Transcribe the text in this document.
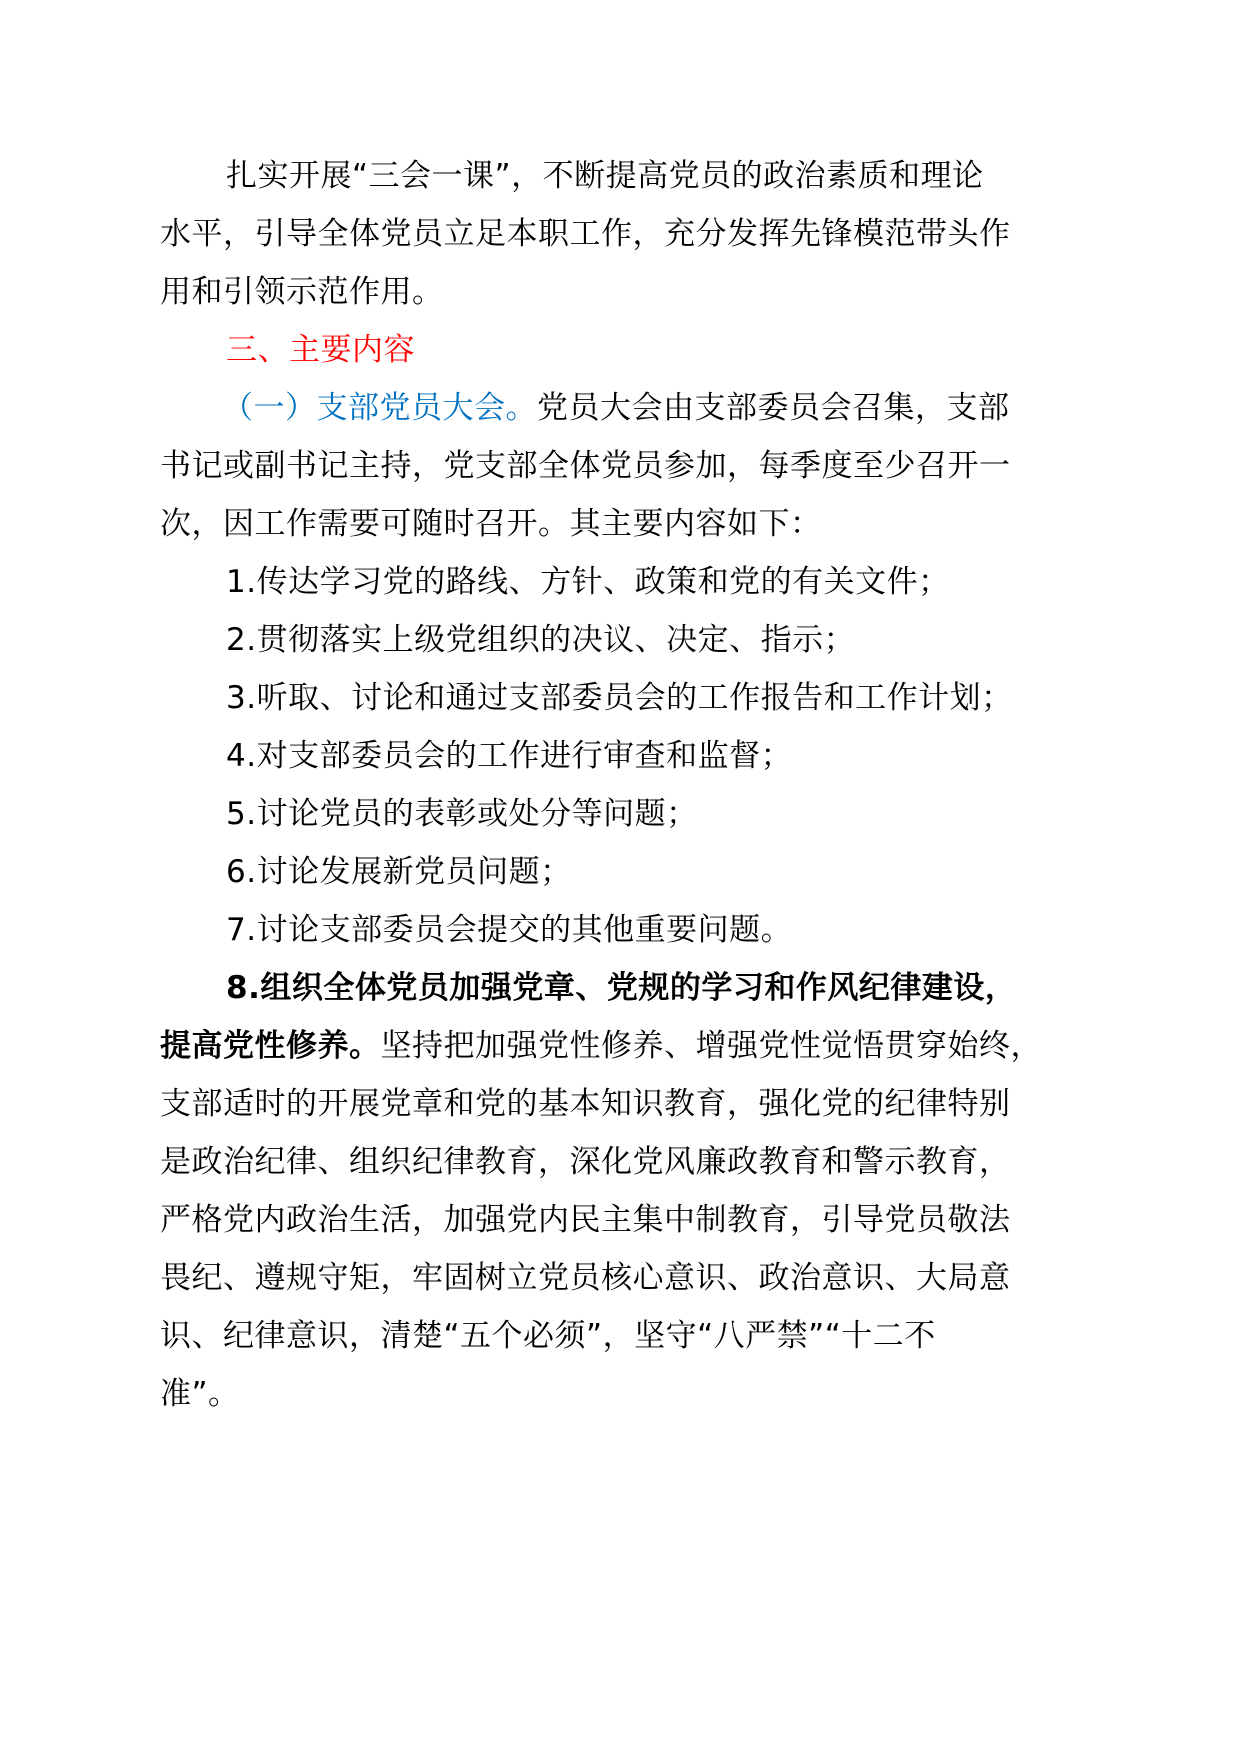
扎实开展“三会一课”，不断提高党员的政治素质和理论
水平，引导全体党员立足本职工作，充分发挥先锋模范带头作
用和引领示范作用。
三、主要内容
（一）支部党员大会。党员大会由支部委员会召集，支部
书记或副书记主持，党支部全体党员参加，每季度至少召开一
次，因工作需要可随时召开。其主要内容如下：
1.传达学习党的路线、方针、政策和党的有关文件；
2.贯彻落实上级党组织的决议、决定、指示；
3.听取、讨论和通过支部委员会的工作报告和工作计划；
4.对支部委员会的工作进行审查和监督；
5.讨论党员的表彰或处分等问题；
6.讨论发展新党员问题；
7.讨论支部委员会提交的其他重要问题。
8.组织全体党员加强党章、党规的学习和作风纪律建设，
提高党性修养。坚持把加强党性修养、增强党性觉悟贯穿始终，
支部适时的开展党章和党的基本知识教育，强化党的纪律特别
是政治纪律、组织纪律教育，深化党风廉政教育和警示教育，
严格党内政治生活，加强党内民主集中制教育，引导党员敬法
畏纪、遵规守矩，牢固树立党员核心意识、政治意识、大局意
识、纪律意识，清楚“五个必须”，坚守“八严禁”“十二不
准”。
